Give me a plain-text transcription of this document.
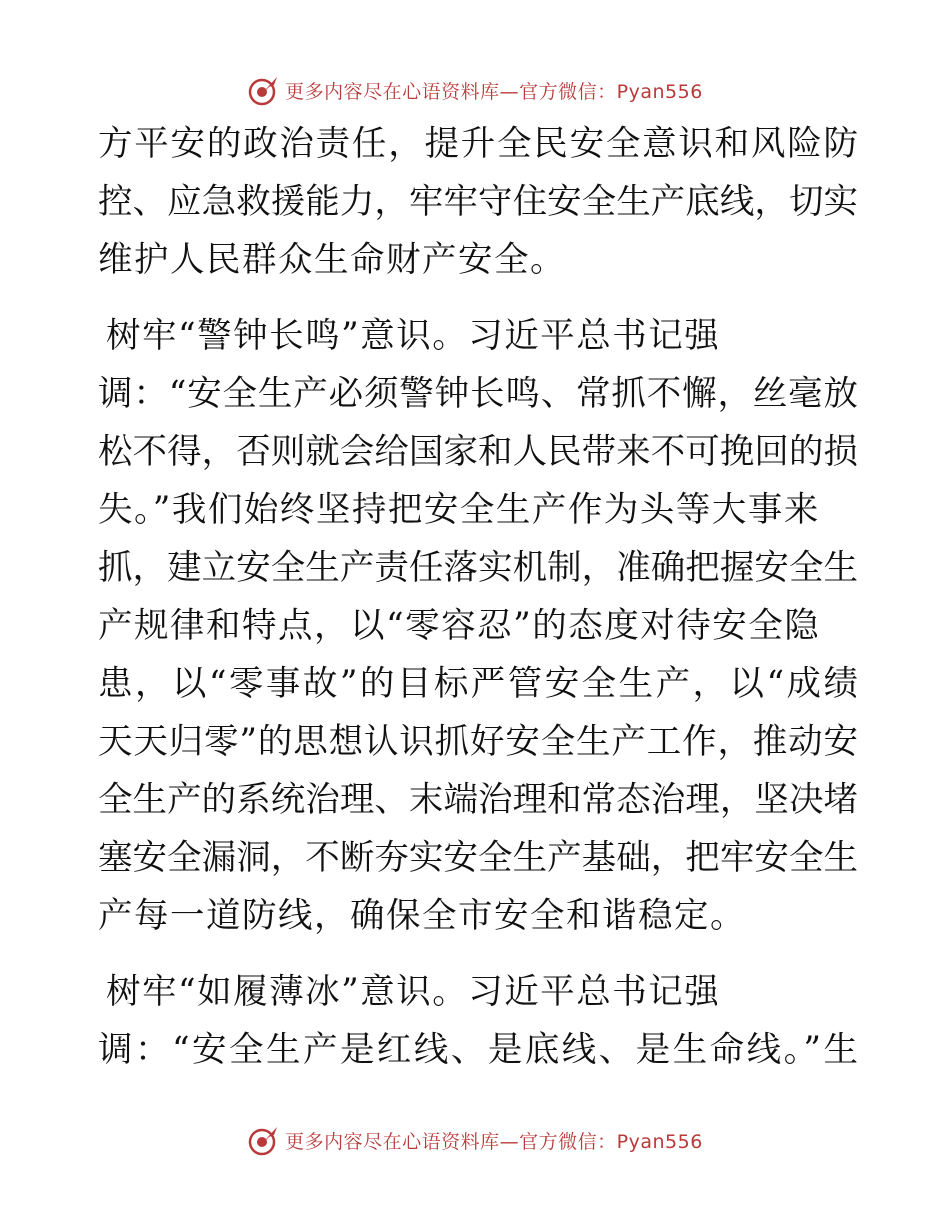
更多内容尽在心语资料库—官方微信：Pyan556
方平安的政治责任，提升全民安全意识和风险防
控、应急救援能力，牢牢守住安全生产底线，切实
维护人民群众生命财产安全。
树牢“警钟长鸣”意识。习近平总书记强
调：“安全生产必须警钟长鸣、常抓不懈，丝毫放
松不得，否则就会给国家和人民带来不可挽回的损
失。”我们始终坚持把安全生产作为头等大事来
抓，建立安全生产责任落实机制，准确把握安全生
产规律和特点，以“零容忍”的态度对待安全隐
患，以“零事故”的目标严管安全生产，以“成绩
天天归零”的思想认识抓好安全生产工作，推动安
全生产的系统治理、末端治理和常态治理，坚决堵
塞安全漏洞，不断夯实安全生产基础，把牢安全生
产每一道防线，确保全市安全和谐稳定。
树牢“如履薄冰”意识。习近平总书记强
调：“安全生产是红线、是底线、是生命线。”生
更多内容尽在心语资料库—官方微信：Pyan556
